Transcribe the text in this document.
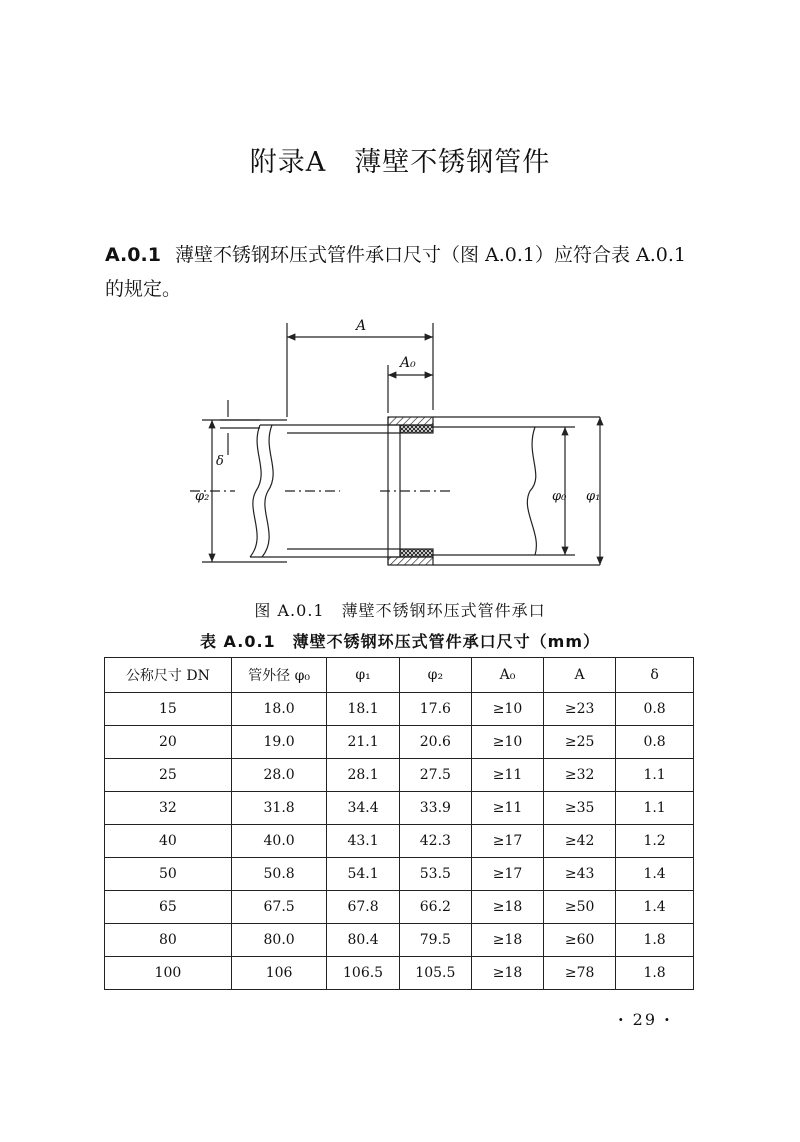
附录A　薄壁不锈钢管件
A.0.1 薄壁不锈钢环压式管件承口尺寸（图 A.0.1）应符合表 A.0.1 的规定。
A
A₀
δ
φ₂	φ₀ φ₁
图 A.0.1　薄壁不锈钢环压式管件承口
表 A.0.1　薄壁不锈钢环压式管件承口尺寸（mm）
公称尺寸 DN	管外径 φ₀	φ₁	φ₂	A₀	A	δ
15	18.0	18.1	17.6	≥10	≥23	0.8
20	19.0	21.1	20.6	≥10	≥25	0.8
25	28.0	28.1	27.5	≥11	≥32	1.1
32	31.8	34.4	33.9	≥11	≥35	1.1
40	40.0	43.1	42.3	≥17	≥42	1.2
50	50.8	54.1	53.5	≥17	≥43	1.4
65	67.5	67.8	66.2	≥18	≥50	1.4
80	80.0	80.4	79.5	≥18	≥60	1.8
100	106	106.5	105.5	≥18	≥78	1.8
· 29 ·
